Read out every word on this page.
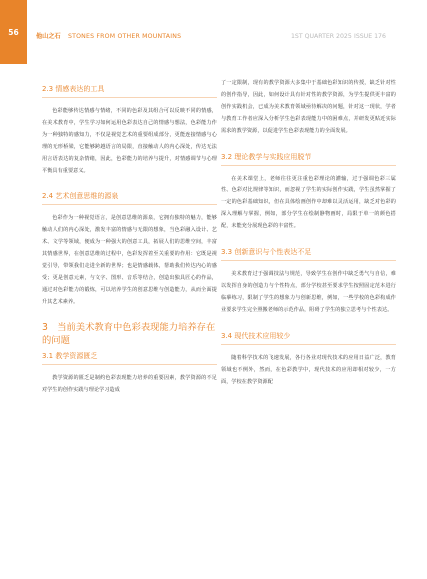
56	他山之石 STONES FROM OTHER MOUNTAINS	1ST QUARTER 2025 ISSUE 176
2.3 情感表达的工具

色彩能够传达情感与情绪，不同的色彩及其组合可以反映不同的情感，在美术教育中，学生学习如何运用色彩表达自己的情感与想法，色彩能力作为一种独特的感知力，不仅是视觉艺术的重要组成部分，更能连接情感与心理的无形桥梁，它能够跨越语言的局限，直接触动人的内心深处，传达无法用言语表达的复杂情绪，因此，色彩能力的培养与提升，对情感调节与心理平衡具有重要意义。

2.4 艺术创意思维的源泉

色彩作为一种视觉语言，是创意思维的源泉，它拥有独特的魅力，能够触动人们的内心深处，激发丰富的情感与无限的想象，当色彩融入设计、艺术、文学等领域，便成为一种强大的创意工具，拓展人们的思维空间，丰富其情感世界，在创意思维的过程中，色彩发挥着至关重要的作用：它既是视觉引导，带领我们走进全新的世界；也是情感载体，帮助我们传达内心的感受；更是创意元素，与文字、图形、音乐等结合，创造出独具匠心的作品，通过对色彩能力的锻炼，可以培养学生的创意思维与创造能力，从而全面提升其艺术素养。

3　当前美术教育中色彩表现能力培养存在的问题
3.1 教学资源匮乏

教学资源的匮乏是制约色彩表现能力培养的重要因素，教学资源的不足对学生的创作实践与理论学习造成

了一定限制，现有的教学资源大多集中于基础色彩知识的传授，缺乏针对性的创作指导，因此，如何设计具有针对性的教学资源，为学生提供更丰富的创作实践机会，已成为美术教育领域亟待解决的问题，针对这一现状，学者与教育工作者应深入分析学生色彩表现能力中的困难点，并研发更贴近实际需求的教学资源，以促进学生色彩表现能力的全面发展。

3.2 理论教学与实践应用脱节

在美术课堂上，老师往往更注重色彩理论的灌输，过于强调色彩三属性、色彩对比规律等知识，而忽视了学生的实际创作实践，学生虽然掌握了一定的色彩基础知识，但在具体绘画创作中却难以灵活运用，缺乏对色彩的深入理解与掌握，例如，部分学生在绘制静物画时，局限于单一的颜色搭配，未能充分展现色彩的丰富性。

3.3 创新意识与个性表达不足

美术教育过于强调技法与规范，导致学生在创作中缺乏勇气与自信，难以发挥自身的创造力与个性特点，部分学校甚至要求学生按照固定范本进行临摹练习，限制了学生的想象力与创新思维，例如，一些学校的色彩构成作业要求学生完全照搬老师的示范作品，阻碍了学生的独立思考与个性表达。

3.4 现代技术应用较少

随着科学技术的飞速发展，各行各业对现代技术的应用日益广泛，教育领域也不例外，然而，在色彩教学中，现代技术的应用却相对较少，一方面，学校在教学资源配
